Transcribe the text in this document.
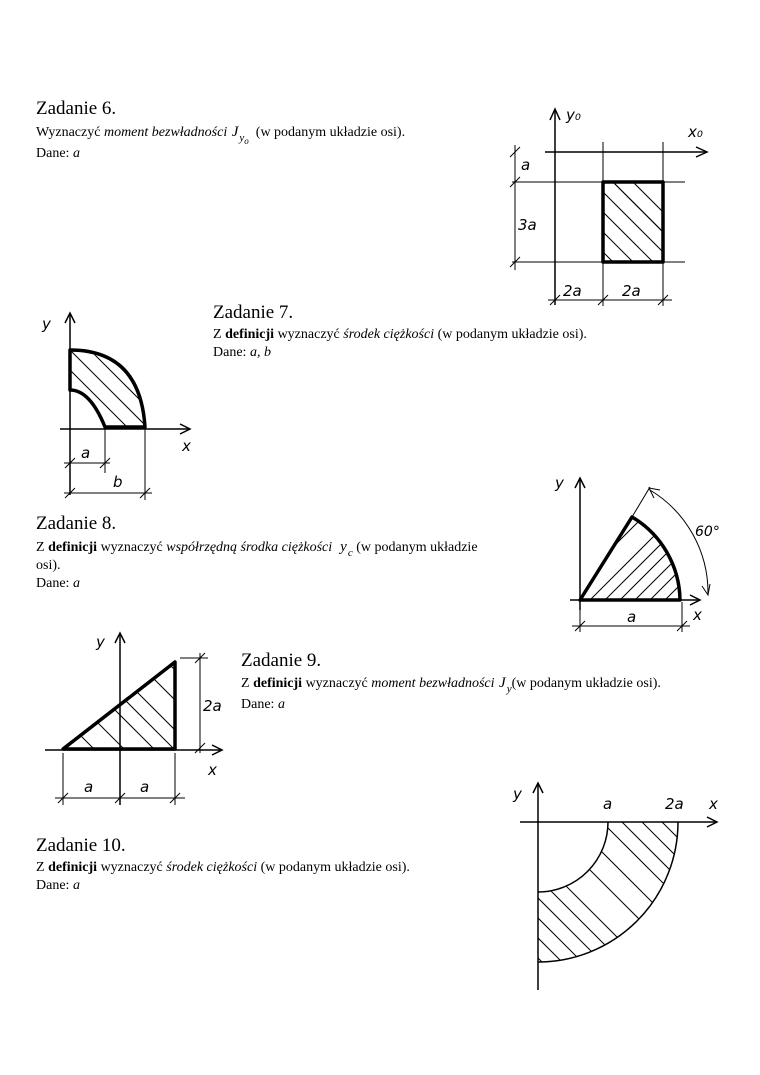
Zadanie 6.
Wyznaczyć moment bezwładności $J_{yo}$  (w podanym układzie osi).
Dane: a
y₀
x₀
a
3a
2a	2a
Zadanie 7.
Z definicji wyznaczyć środek ciężkości (w podanym układzie osi).
Dane: a, b
y
x
a
b
Zadanie 8.
Z definicji wyznaczyć współrzędną środka ciężkości $y_c$ (w podanym układzie
osi).
Dane: a
y
x
60°
a
Zadanie 9.
Z definicji wyznaczyć moment bezwładności $J_y(w$ podanym układzie osi).
Dane: a
y
x
2a
a	a
Zadanie 10.
Z definicji wyznaczyć środek ciężkości (w podanym układzie osi).
Dane: a
y
x
a	2a
